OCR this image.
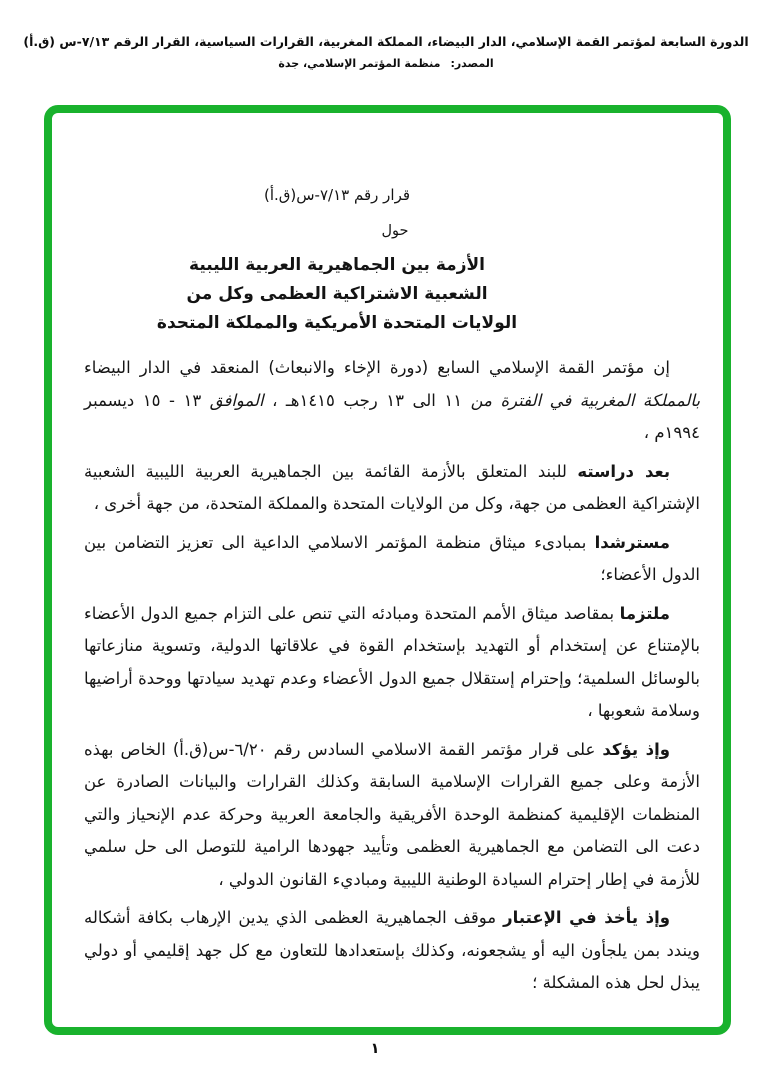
الدورة السابعة لمؤتمر القمة الإسلامي، الدار البيضاء، المملكة المغربية، القرارات السياسية، القرار الرقم ٧/١٣-س (ق.أ)
المصدر:منظمة المؤتمر الإسلامي، جدة
قرار رقم ٧/١٣-س(ق.أ)
حول
الأزمة بين الجماهيرية العربية الليبية
الشعبية الاشتراكية العظمى وكل من
الولايات المتحدة الأمريكية والمملكة المتحدة

إن مؤتمر القمة الإسلامي السابع (دورة الإخاء والانبعاث) المنعقد في الدار البيضاء بالمملكة المغربية في الفترة من ١١ الى ١٣ رجب ١٤١٥هـ ، الموافق ١٣ - ١٥ ديسمبر ١٩٩٤م ،

بعد دراسته للبند المتعلق بالأزمة القائمة بين الجماهيرية العربية الليبية الشعبية الإشتراكية العظمى من جهة، وكل من الولايات المتحدة والمملكة المتحدة، من جهة أخرى ،

مسترشدا بمبادىء ميثاق منظمة المؤتمر الاسلامي الداعية الى تعزيز التضامن بين الدول الأعضاء؛

ملتزما بمقاصد ميثاق الأمم المتحدة ومبادئه التي تنص على التزام جميع الدول الأعضاء بالإمتناع عن إستخدام أو التهديد بإستخدام القوة في علاقاتها الدولية، وتسوية منازعاتها بالوسائل السلمية؛ وإحترام إستقلال جميع الدول الأعضاء وعدم تهديد سيادتها ووحدة أراضيها وسلامة شعوبها ،

وإذ يؤكد على قرار مؤتمر القمة الاسلامي السادس رقم ٦/٢٠-س(ق.أ) الخاص بهذه الأزمة وعلى جميع القرارات الإسلامية السابقة وكذلك القرارات والبيانات الصادرة عن المنظمات الإقليمية كمنظمة الوحدة الأفريقية والجامعة العربية وحركة عدم الإنحياز والتي دعت الى التضامن مع الجماهيرية العظمى وتأييد جهودها الرامية للتوصل الى حل سلمي للأزمة في إطار إحترام السيادة الوطنية الليبية ومباديء القانون الدولي ،

وإذ يأخذ في الإعتبار موقف الجماهيرية العظمى الذي يدين الإرهاب بكافة أشكاله ويندد بمن يلجأون اليه أو يشجعونه، وكذلك بإستعدادها للتعاون مع كل جهد إقليمي أو دولي يبذل لحل هذه المشكلة ؛

١
